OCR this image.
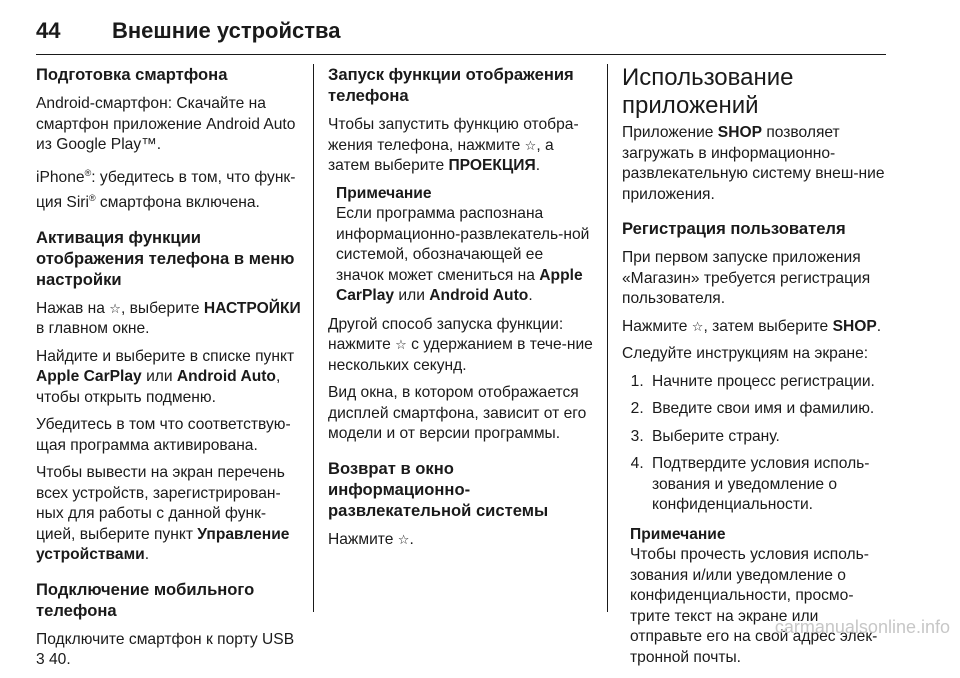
44 Внешние устройства
Подготовка смартфона

Android-смартфон: Скачайте на смартфон приложение Android Auto из Google Play™.

iPhone®: убедитесь в том, что функ‐ция Siri® смартфона включена.

Активация функции отображения телефона в меню настройки

Нажав на ☆, выберите НАСТРОЙКИ в главном окне.

Найдите и выберите в списке пункт Apple CarPlay или Android Auto, чтобы открыть подменю.

Убедитесь в том что соответствую‐щая программа активирована.

Чтобы вывести на экран перечень всех устройств, зарегистрирован‐ных для работы с данной функ‐цией, выберите пункт Управление устройствами.

Подключение мобильного телефона

Подключите смартфон к порту USB 3 40.

Запуск функции отображения телефона

Чтобы запустить функцию отобра‐жения телефона, нажмите ☆, а затем выберите ПРОЕКЦИЯ.

Примечание
Если программа распознана информационно-развлекатель‐ной системой, обозначающей ее значок может смениться на Apple CarPlay или Android Auto.

Другой способ запуска функции: нажмите ☆ с удержанием в тече‐ние нескольких секунд.

Вид окна, в котором отображается дисплей смартфона, зависит от его модели и от версии программы.

Возврат в окно информационно-развлекательной системы

Нажмите ☆.

Использование приложений

Приложение SHOP позволяет загружать в информационно-развлекательную систему внеш‐ние приложения.

Регистрация пользователя

При первом запуске приложения «Магазин» требуется регистрация пользователя.

Нажмите ☆, затем выберите SHOP.

Следуйте инструкциям на экране:

1. Начните процесс регистрации.
2. Введите свои имя и фамилию.
3. Выберите страну.
4. Подтвердите условия исполь‐зования и уведомление о конфиденциальности.
Примечание
Чтобы прочесть условия исполь‐зования и/или уведомление о конфиденциальности, просмо‐трите текст на экране или отправьте его на свой адрес элек‐тронной почты.
carmanualsonline.info
